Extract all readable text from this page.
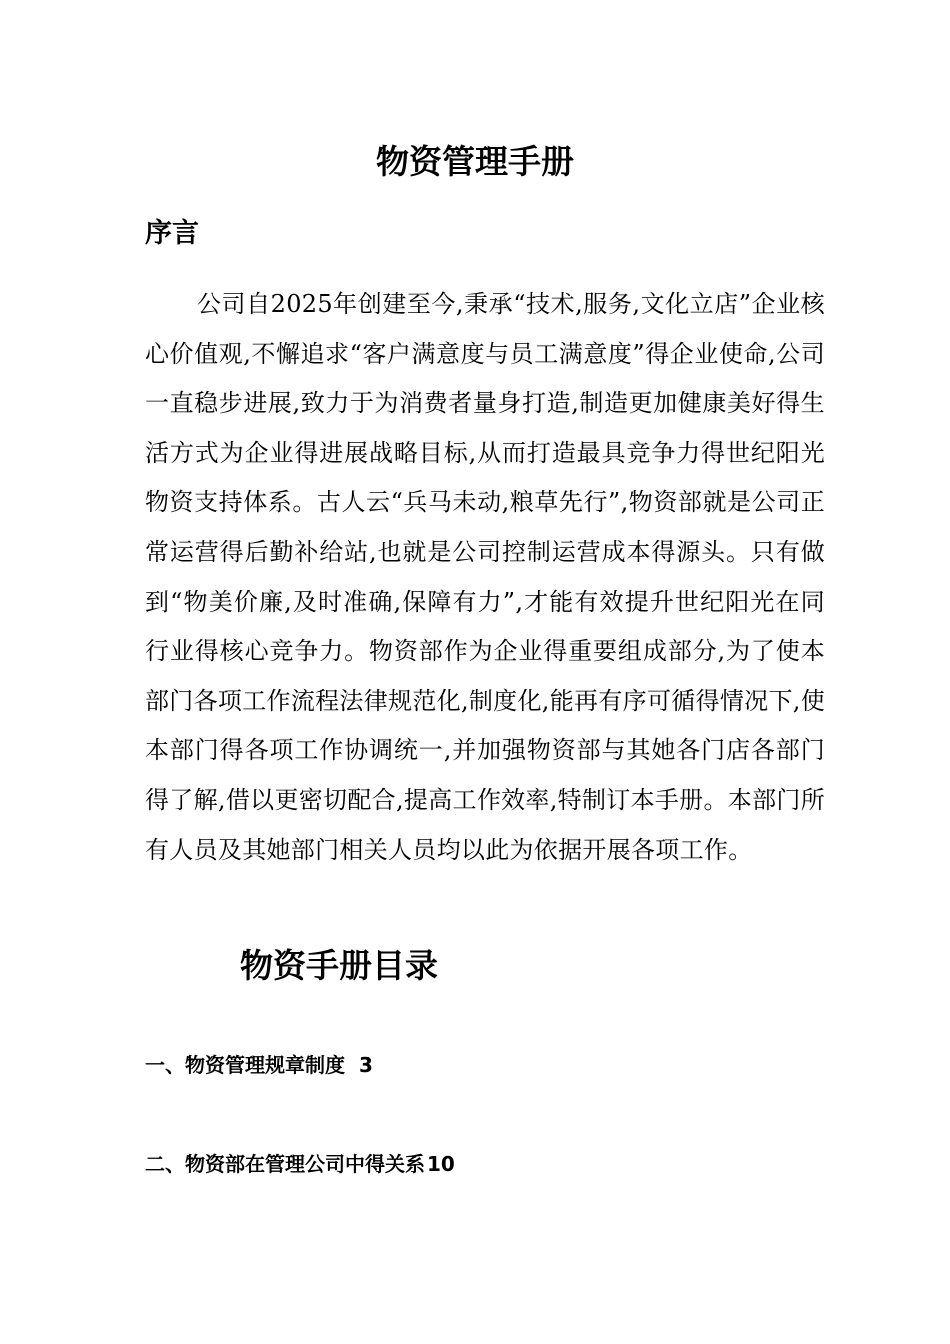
物资管理手册
序言

公司自2025年创建至今,秉承“技术,服务,文化立店”企业核心价值观,不懈追求“客户满意度与员工满意度”得企业使命,公司一直稳步进展,致力于为消费者量身打造,制造更加健康美好得生活方式为企业得进展战略目标,从而打造最具竞争力得世纪阳光物资支持体系。古人云“兵马未动,粮草先行”,物资部就是公司正常运营得后勤补给站,也就是公司控制运营成本得源头。只有做到“物美价廉,及时准确,保障有力”,才能有效提升世纪阳光在同行业得核心竞争力。物资部作为企业得重要组成部分,为了使本部门各项工作流程法律规范化,制度化,能再有序可循得情况下,使本部门得各项工作协调统一,并加强物资部与其她各门店各部门得了解,借以更密切配合,提高工作效率,特制订本手册。本部门所有人员及其她部门相关人员均以此为依据开展各项工作。

物资手册目录
一、物资管理规章制度 3
二、物资部在管理公司中得关系 10
